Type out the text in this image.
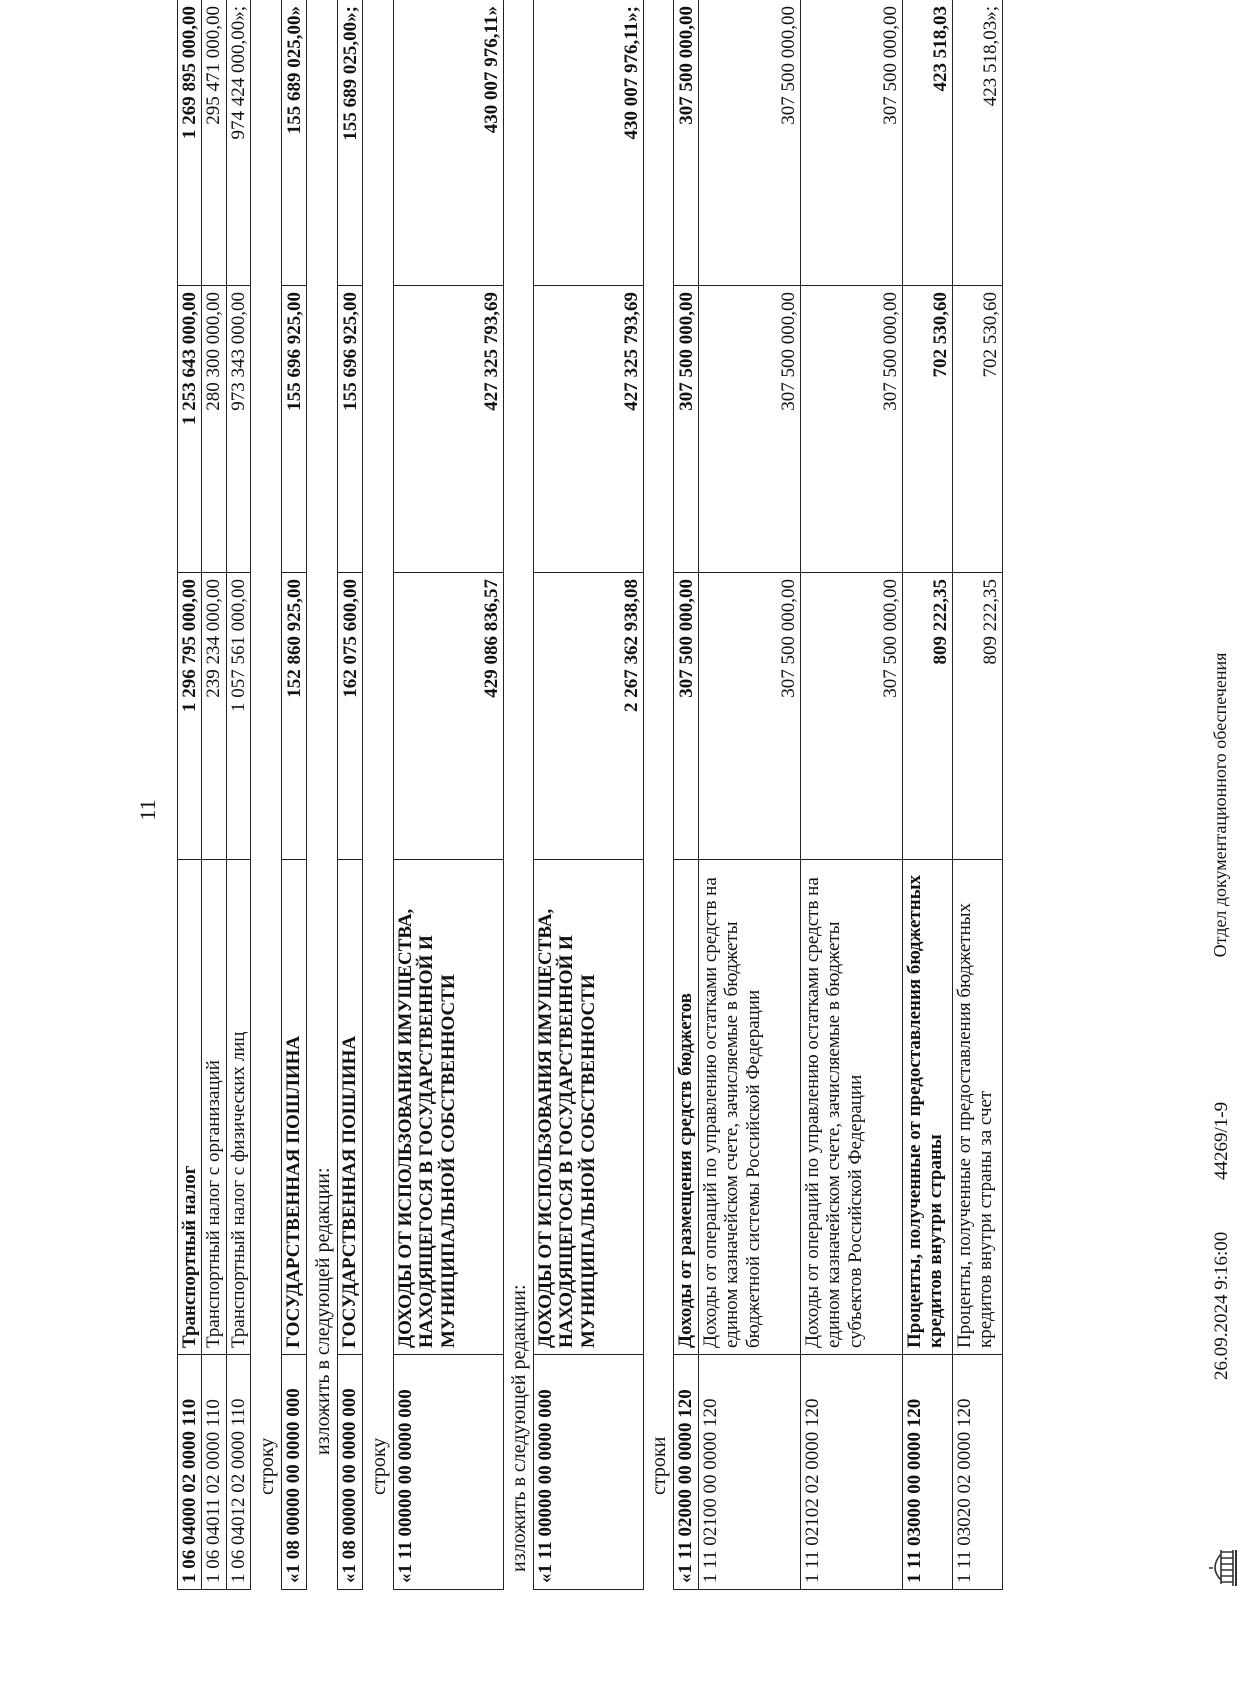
11
1 06 04000 02 0000 110	Транспортный налог	1 296 795 000,00	1 253 643 000,00	1 269 895 000,00
1 06 04011 02 0000 110	Транспортный налог с организаций	239 234 000,00	280 300 000,00	295 471 000,00
1 06 04012 02 0000 110	Транспортный налог с физических лиц	1 057 561 000,00	973 343 000,00	974 424 000,00»;
строку «1 08 00000 00 0000 000	ГОСУДАРСТВЕННАЯ ПОШЛИНА	152 860 925,00	155 696 925,00	155 689 025,00»
изложить в следующей редакции:
«1 08 00000 00 0000 000	ГОСУДАРСТВЕННАЯ ПОШЛИНА	162 075 600,00	155 696 925,00	155 689 025,00»;
строку «1 11 00000 00 0000 000	ДОХОДЫ ОТ ИСПОЛЬЗОВАНИЯ ИМУЩЕСТВА, НАХОДЯЩЕГОСЯ В ГОСУДАРСТВЕННОЙ И МУНИЦИПАЛЬНОЙ СОБСТВЕННОСТИ	429 086 836,57	427 325 793,69	430 007 976,11»
изложить в следующей редакции: «1 11 00000 00 0000 000	ДОХОДЫ ОТ ИСПОЛЬЗОВАНИЯ ИМУЩЕСТВА, НАХОДЯЩЕГОСЯ В ГОСУДАРСТВЕННОЙ И МУНИЦИПАЛЬНОЙ СОБСТВЕННОСТИ	2 267 362 938,08	427 325 793,69	430 007 976,11»;
строки «1 11 02000 00 0000 120	Доходы от размещения средств бюджетов	307 500 000,00	307 500 000,00	307 500 000,00
1 11 02100 00 0000 120	Доходы от операций по управлению остатками средств на едином казначейском счете, зачисляемые в бюджеты бюджетной системы Российской Федерации	307 500 000,00	307 500 000,00	307 500 000,00
1 11 02102 02 0000 120	Доходы от операций по управлению остатками средств на едином казначейском счете, зачисляемые в бюджеты субъектов Российской Федерации	307 500 000,00	307 500 000,00	307 500 000,00
1 11 03000 00 0000 120	Проценты, полученные от предоставления бюджетных кредитов внутри страны	809 222,35	702 530,60	423 518,03
1 11 03020 02 0000 120	Проценты, полученные от предоставления бюджетных кредитов внутри страны за счет	809 222,35	702 530,60	423 518,03»;
26.09.2024 9:16:00
44269/1-9
Отдел документационного обеспечения
